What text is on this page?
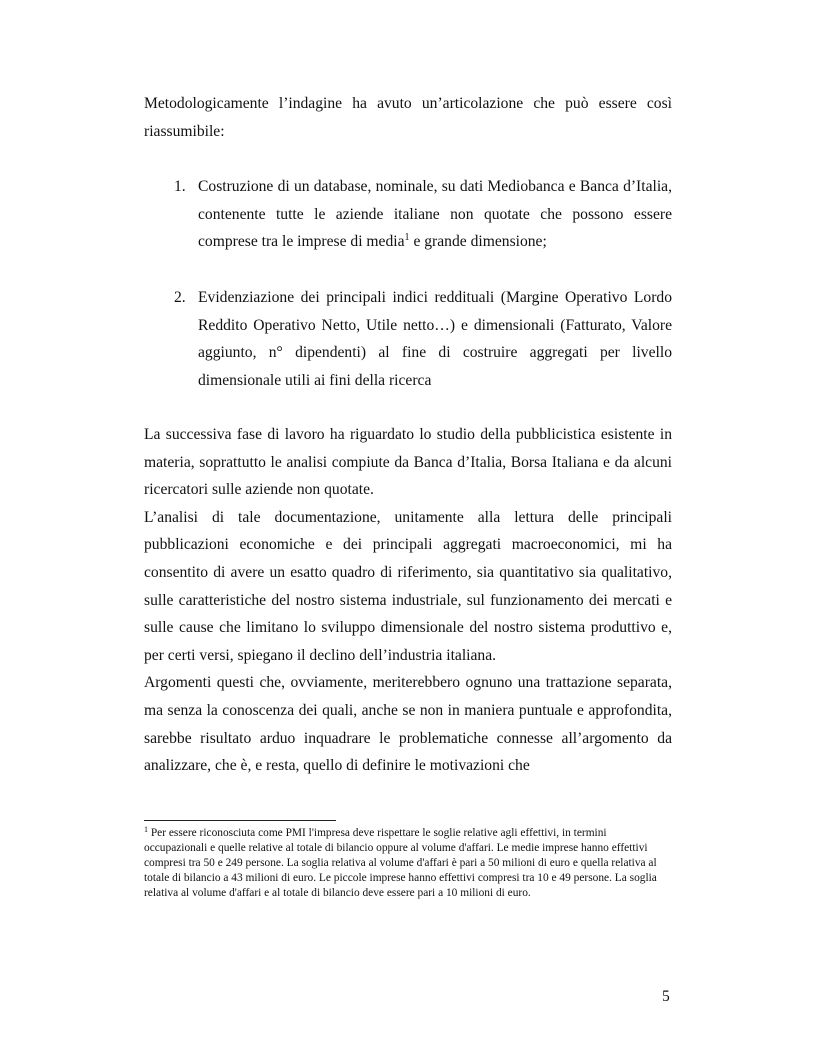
Metodologicamente l’indagine ha avuto un’articolazione che può essere così riassumibile:

1. Costruzione di un database, nominale, su dati Mediobanca e Banca d’Italia, contenente tutte le aziende italiane non quotate che possono essere comprese tra le imprese di media$^1$ e grande dimensione;
2. Evidenziazione dei principali indici reddituali (Margine Operativo Lordo Reddito Operativo Netto, Utile netto…) e dimensionali (Fatturato, Valore aggiunto, n° dipendenti) al fine di costruire aggregati per livello dimensionale utili ai fini della ricerca

La successiva fase di lavoro ha riguardato lo studio della pubblicistica esistente in materia, soprattutto le analisi compiute da Banca d’Italia, Borsa Italiana e da alcuni ricercatori sulle aziende non quotate.

L’analisi di tale documentazione, unitamente alla lettura delle principali pubblicazioni economiche e dei principali aggregati macroeconomici, mi ha consentito di avere un esatto quadro di riferimento, sia quantitativo sia qualitativo, sulle caratteristiche del nostro sistema industriale, sul funzionamento dei mercati e sulle cause che limitano lo sviluppo dimensionale del nostro sistema produttivo e, per certi versi, spiegano il declino dell’industria italiana.

Argomenti questi che, ovviamente, meriterebbero ognuno una trattazione separata, ma senza la conoscenza dei quali, anche se non in maniera puntuale e approfondita, sarebbe risultato arduo inquadrare le problematiche connesse all’argomento da analizzare, che è, e resta, quello di definire le motivazioni che

$^1$ Per essere riconosciuta come PMI l'impresa deve rispettare le soglie relative agli effettivi, in termini occupazionali e quelle relative al totale di bilancio oppure al volume d'affari. Le medie imprese hanno effettivi compresi tra 50 e 249 persone. La soglia relativa al volume d'affari è pari a 50 milioni di euro e quella relativa al totale di bilancio a 43 milioni di euro. Le piccole imprese hanno effettivi compresi tra 10 e 49 persone. La soglia relativa al volume d'affari e al totale di bilancio deve essere pari a 10 milioni di euro.

5
